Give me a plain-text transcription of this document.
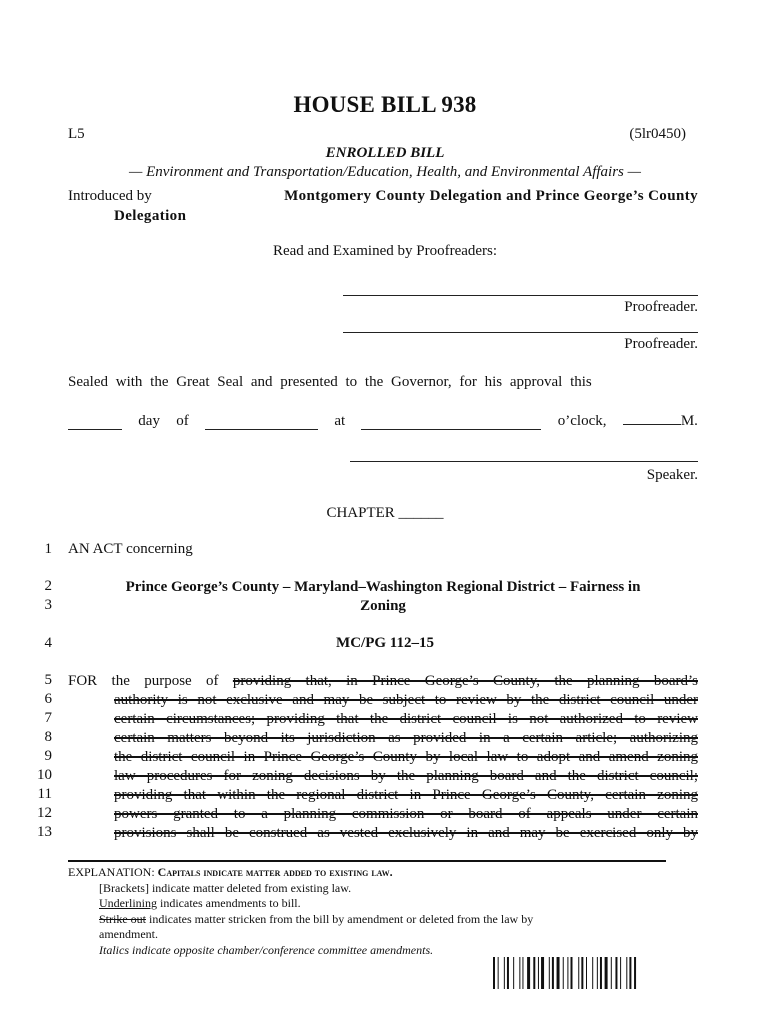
HOUSE BILL 938
L5	(5lr0450)
ENROLLED BILL
— Environment and Transportation/Education, Health, and Environmental Affairs —
Introduced by	Montgomery County Delegation and Prince George’s County
Delegation
Read and Examined by Proofreaders:
Proofreader.
Proofreader.
Sealed with the Great Seal and presented to the Governor, for his approval this
day of	at	o’clock,	M.
Speaker.
CHAPTER ______
1
2
3
4
5
6
7
8
9
10
11
12
13
AN ACT concerning
Prince George’s County – Maryland–Washington Regional District – Fairness in
Zoning
MC/PG 112–15
FOR the purpose of providing that, in Prince George’s County, the planning board’s
authority is not exclusive and may be subject to review by the district council under
certain circumstances; providing that the district council is not authorized to review
certain matters beyond its jurisdiction as provided in a certain article; authorizing
the district council in Prince George’s County by local law to adopt and amend zoning
law procedures for zoning decisions by the planning board and the district council;
providing that within the regional district in Prince George’s County, certain zoning
powers granted to a planning commission or board of appeals under certain
provisions shall be construed as vested exclusively in and may be exercised only by
EXPLANATION: Capitals indicate matter added to existing law.
[Brackets] indicate matter deleted from existing law.
Underlining indicates amendments to bill.
Strike out indicates matter stricken from the bill by amendment or deleted from the law by
amendment.
Italics indicate opposite chamber/conference committee amendments.
